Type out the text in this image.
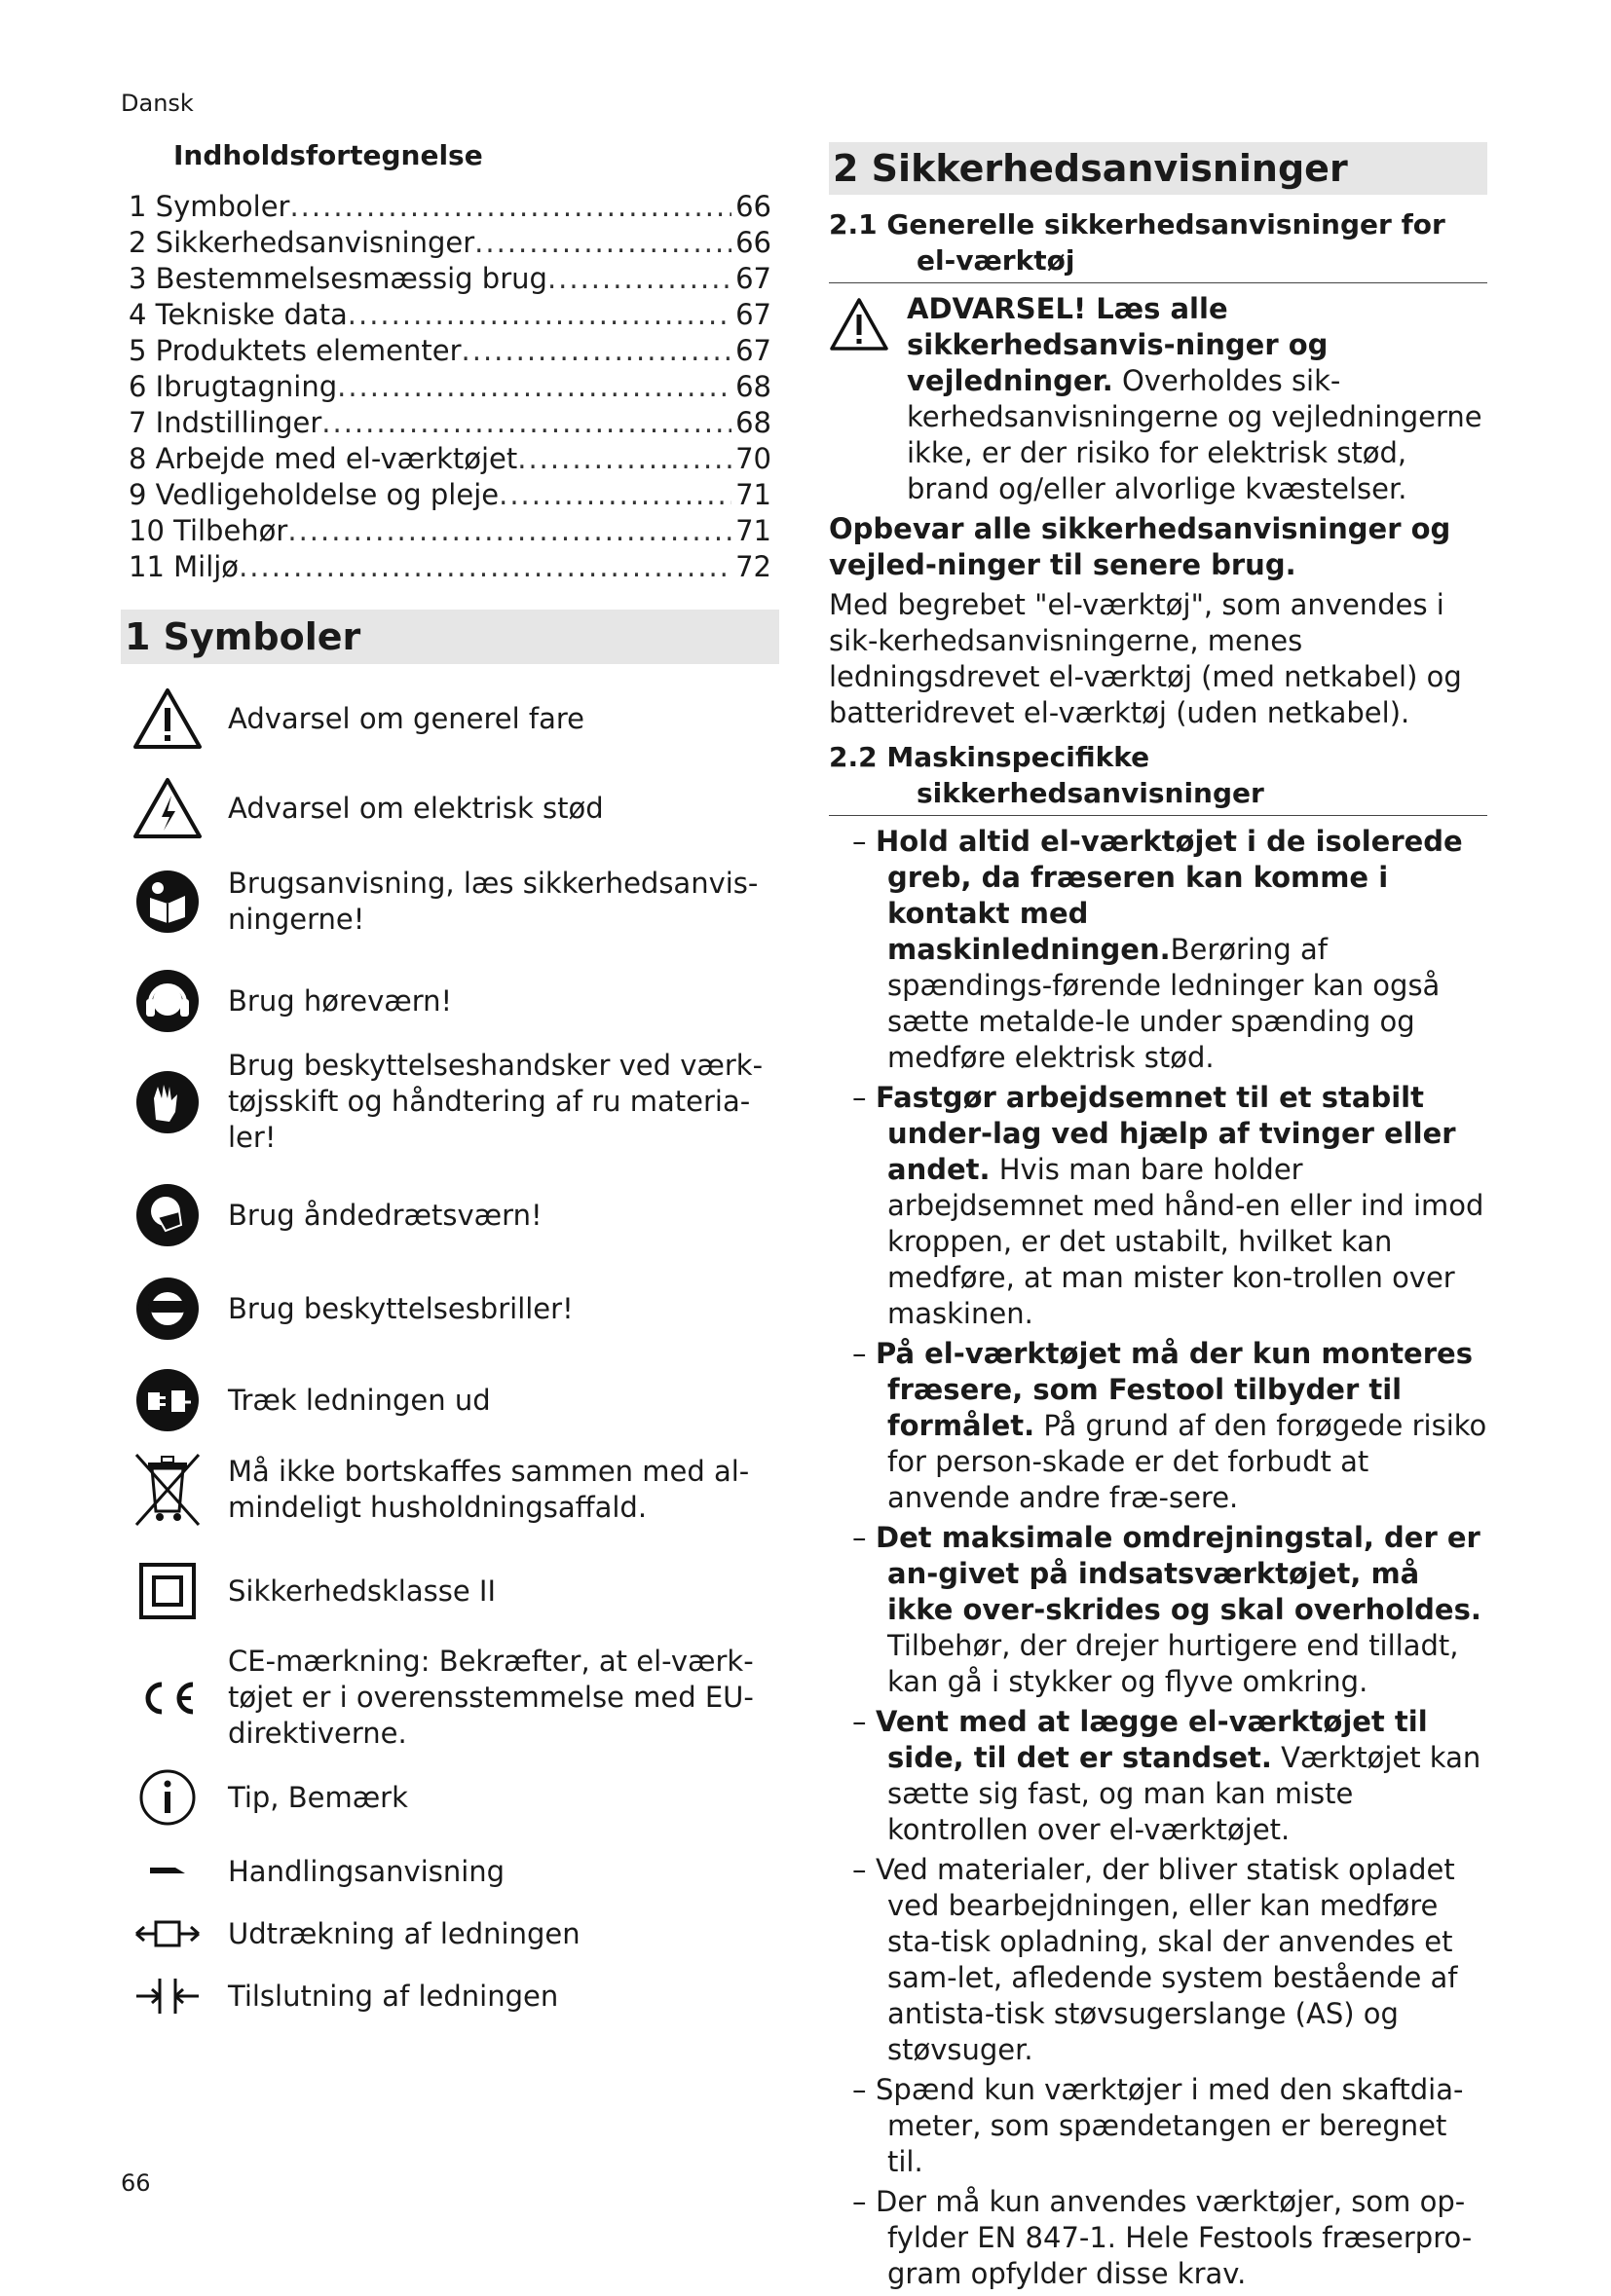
Dansk
Indholdsfortegnelse
1 Symboler .....	66
2 Sikkerhedsanvisninger .....	66
3 Bestemmelsesmæssig brug .....	67
4 Tekniske data .....	67
5 Produktets elementer .....	67
6 Ibrugtagning .....	68
7 Indstillinger .....	68
8 Arbejde med el-værktøjet .....	70
9 Vedligeholdelse og pleje .....	71
10 Tilbehør .....	71
11 Miljø .....	72
1 Symboler
Advarsel om generel fare
Advarsel om elektrisk stød
Brugsanvisning, læs sikkerhedsanvis-ningerne!
Brug høreværn!
Brug beskyttelseshandsker ved værk-tøjsskift og håndtering af ru materia-ler!
Brug åndedrætsværn!
Brug beskyttelsesbriller!
Træk ledningen ud
Må ikke bortskaffes sammen med al-mindeligt husholdningsaffald.
Sikkerhedsklasse II
CE-mærkning: Bekræfter, at el-værk-tøjet er i overensstemmelse med EU-direktiverne.
Tip, Bemærk
Handlingsanvisning
Udtrækning af ledningen
Tilslutning af ledningen
2 Sikkerhedsanvisninger
2.1 Generelle sikkerhedsanvisninger for
el-værktøj

ADVARSEL! Læs alle sikkerhedsanvis-ninger og vejledninger. Overholdes sik-kerhedsanvisningerne og vejledningerne ikke, er der risiko for elektrisk stød, brand og/eller alvorlige kvæstelser.

Opbevar alle sikkerhedsanvisninger og vejled-ninger til senere brug.

Med begrebet "el-værktøj", som anvendes i sik-kerhedsanvisningerne, menes ledningsdrevet el-værktøj (med netkabel) og batteridrevet el-værktøj (uden netkabel).

2.2 Maskinspecifikke
sikkerhedsanvisninger
– Hold altid el-værktøjet i de isolerede greb, da fræseren kan komme i kontakt med maskinledningen.Berøring af spændings-førende ledninger kan også sætte metalde-le under spænding og medføre elektrisk stød.
– Fastgør arbejdsemnet til et stabilt under-lag ved hjælp af tvinger eller andet. Hvis man bare holder arbejdsemnet med hånd-en eller ind imod kroppen, er det ustabilt, hvilket kan medføre, at man mister kon-trollen over maskinen.
– På el-værktøjet må der kun monteres fræsere, som Festool tilbyder til formålet. På grund af den forøgede risiko for person-skade er det forbudt at anvende andre fræ-sere.
– Det maksimale omdrejningstal, der er an-givet på indsatsværktøjet, må ikke over-skrides og skal overholdes. Tilbehør, der drejer hurtigere end tilladt, kan gå i stykker og flyve omkring.
– Vent med at lægge el-værktøjet til side, til det er standset. Værktøjet kan sætte sig fast, og man kan miste kontrollen over el-værktøjet.
– Ved materialer, der bliver statisk opladet ved bearbejdningen, eller kan medføre sta-tisk opladning, skal der anvendes et sam-let, afledende system bestående af antista-tisk støvsugerslange (AS) og støvsuger.
– Spænd kun værktøjer i med den skaftdia-meter, som spændetangen er beregnet til.
– Der må kun anvendes værktøjer, som op-fylder EN 847-1. Hele Festools fræserpro-gram opfylder disse krav.
66
